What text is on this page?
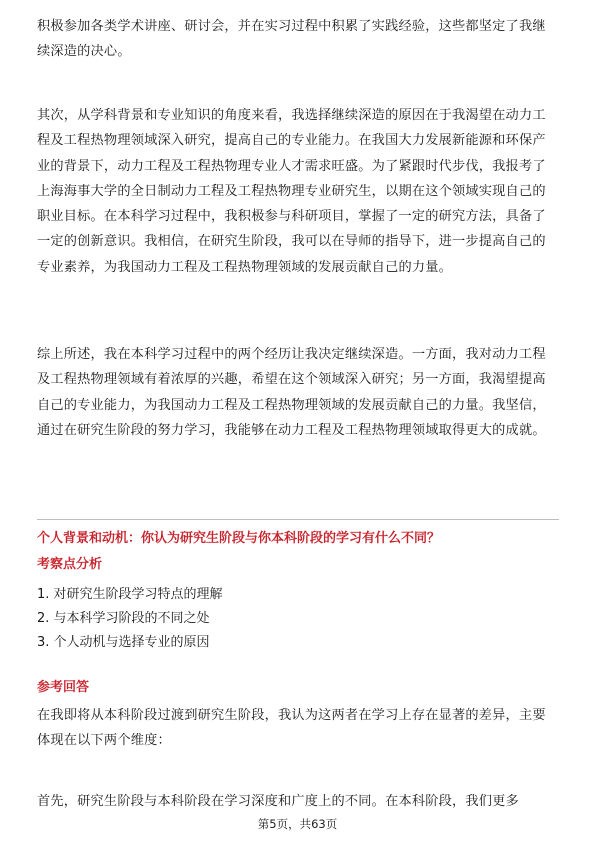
积极参加各类学术讲座、研讨会，并在实习过程中积累了实践经验，这些都坚定了我继续深造的决心。

其次，从学科背景和专业知识的角度来看，我选择继续深造的原因在于我渴望在动力工程及工程热物理领域深入研究，提高自己的专业能力。在我国大力发展新能源和环保产业的背景下，动力工程及工程热物理专业人才需求旺盛。为了紧跟时代步伐，我报考了上海海事大学的全日制动力工程及工程热物理专业研究生，以期在这个领域实现自己的职业目标。在本科学习过程中，我积极参与科研项目，掌握了一定的研究方法，具备了一定的创新意识。我相信，在研究生阶段，我可以在导师的指导下，进一步提高自己的专业素养，为我国动力工程及工程热物理领域的发展贡献自己的力量。

综上所述，我在本科学习过程中的两个经历让我决定继续深造。一方面，我对动力工程及工程热物理领域有着浓厚的兴趣，希望在这个领域深入研究；另一方面，我渴望提高自己的专业能力，为我国动力工程及工程热物理领域的发展贡献自己的力量。我坚信，通过在研究生阶段的努力学习，我能够在动力工程及工程热物理领域取得更大的成就。

个人背景和动机：你认为研究生阶段与你本科阶段的学习有什么不同？

考察点分析

1. 对研究生阶段学习特点的理解
2. 与本科学习阶段的不同之处
3. 个人动机与选择专业的原因

参考回答

在我即将从本科阶段过渡到研究生阶段，我认为这两者在学习上存在显著的差异，主要体现在以下两个维度：

首先，研究生阶段与本科阶段在学习深度和广度上的不同。在本科阶段，我们更多

第5页，共63页
